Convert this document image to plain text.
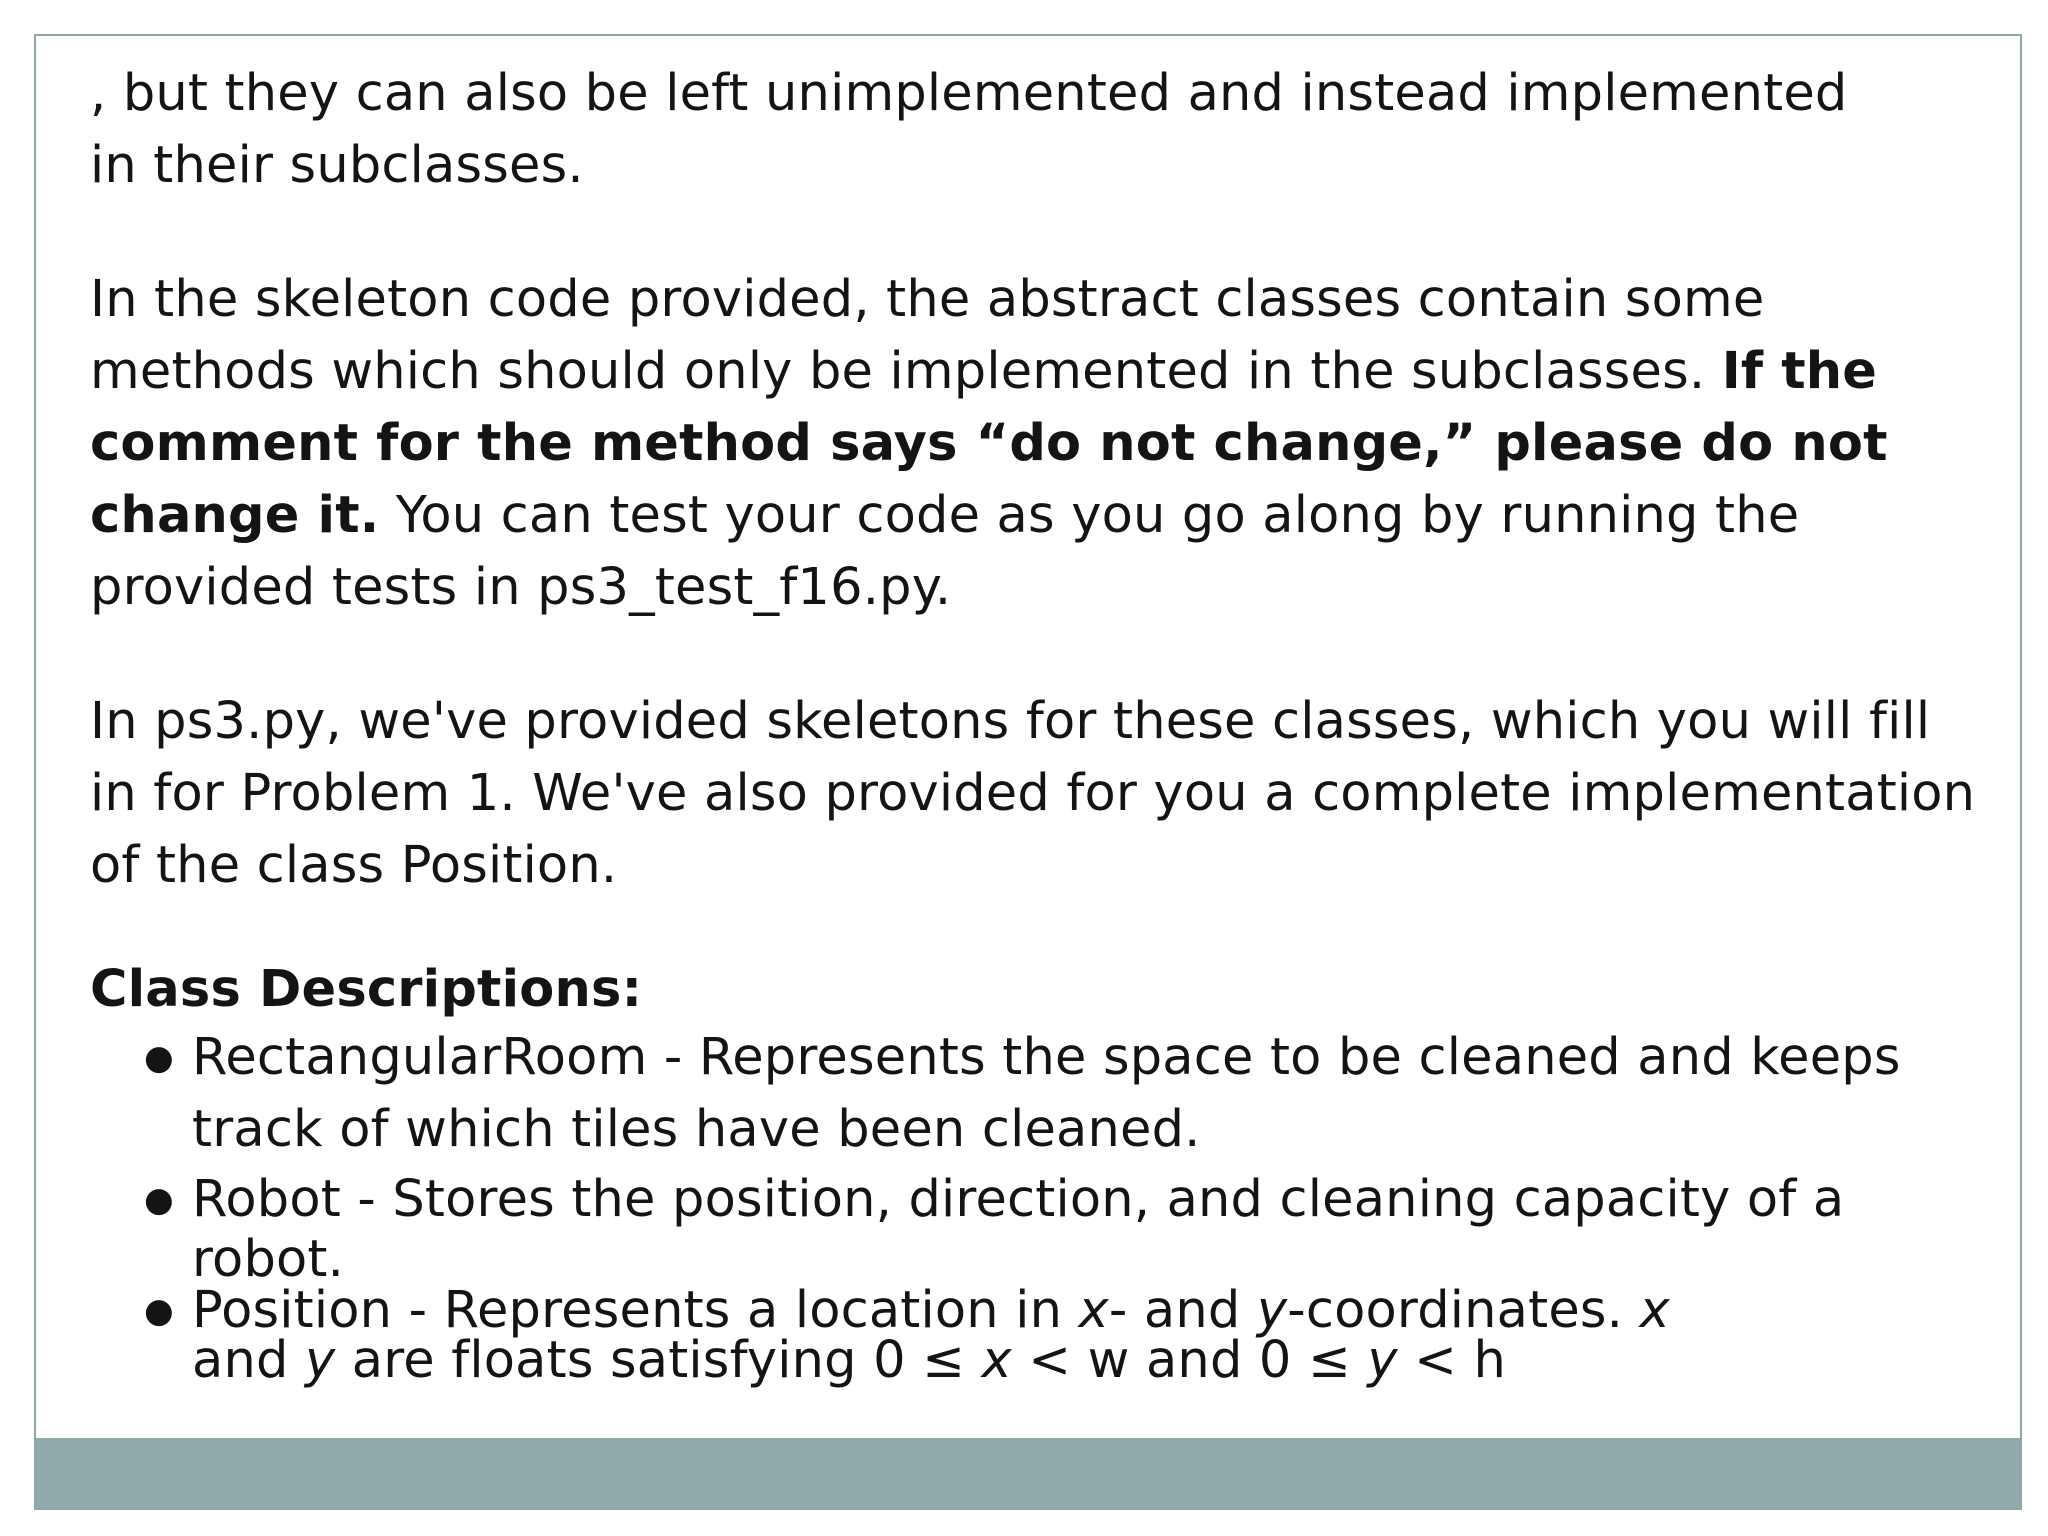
, but they can also be left unimplemented and instead implemented
in their subclasses.

In the skeleton code provided, the abstract classes contain some methods which should only be implemented in the subclasses. If the comment for the method says “do not change,” please do not change it. You can test your code as you go along by running the provided tests in ps3_test_f16.py.

In ps3.py, we've provided skeletons for these classes, which you will fill in for Problem 1. We've also provided for you a complete implementation of the class Position.

Class Descriptions:

● RectangularRoom - Represents the space to be cleaned and keeps track of which tiles have been cleaned.
● Robot - Stores the position, direction, and cleaning capacity of a robot.
● Position - Represents a location in x- and y-coordinates. x
and y are floats satisfying 0 ≤ x < w and 0 ≤ y < h
